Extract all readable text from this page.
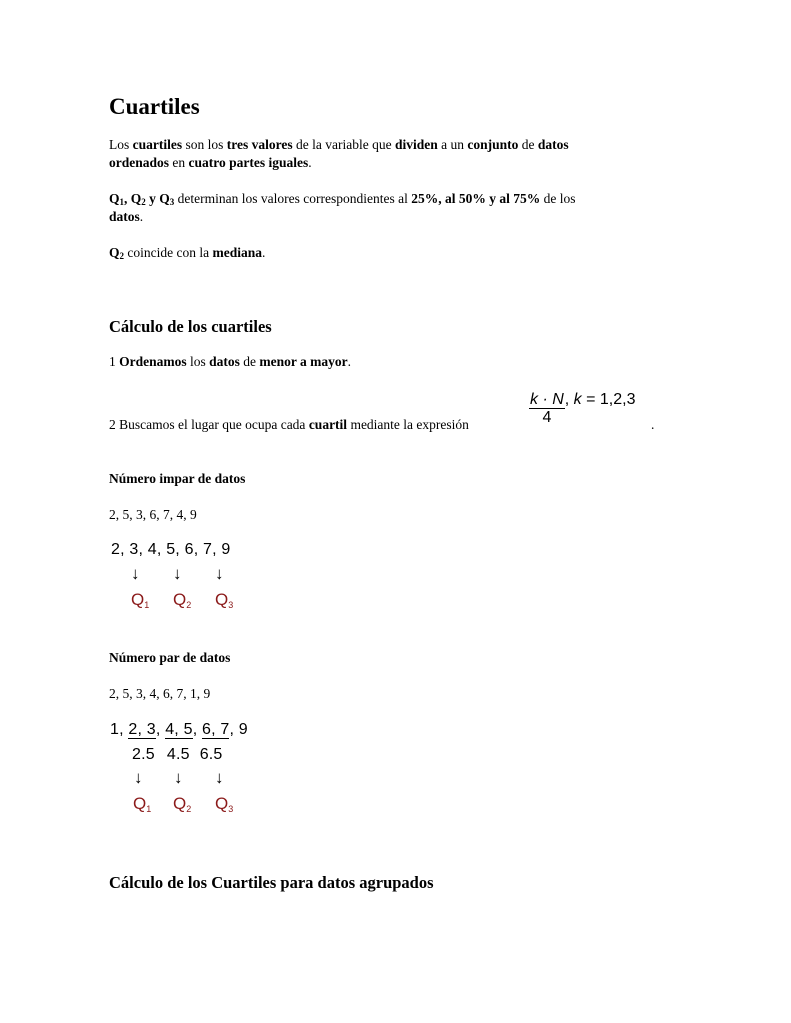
Cuartiles
Los cuartiles son los tres valores de la variable que dividen a un conjunto de datos
ordenados en cuatro partes iguales.
$Q_1$, $Q_2$ y $Q_3$ determinan los valores correspondientes al 25%, al 50% y al 75% de los
datos.
$Q_2$ coincide con la mediana.
Cálculo de los cuartiles
1 Ordenamos los datos de menor a mayor.
2 Buscamos el lugar que ocupa cada cuartil mediante la expresión	.
$\frac{k \cdot N}{4}$ , k = 1,2,3
Número impar de datos
2, 5, 3, 6, 7, 4, 9
2, 3, 4, 5, 6, 7, 9
↓ ↓ ↓
$Q_1$ $Q_2$ $Q_3$
Número par de datos
2, 5, 3, 4, 6, 7, 1, 9
1, 2, 3, 4, 5, 6, 7, 9
2.5 4.5 6.5
↓ ↓ ↓
$Q_1$ $Q_2$ $Q_3$
Cálculo de los Cuartiles para datos agrupados
